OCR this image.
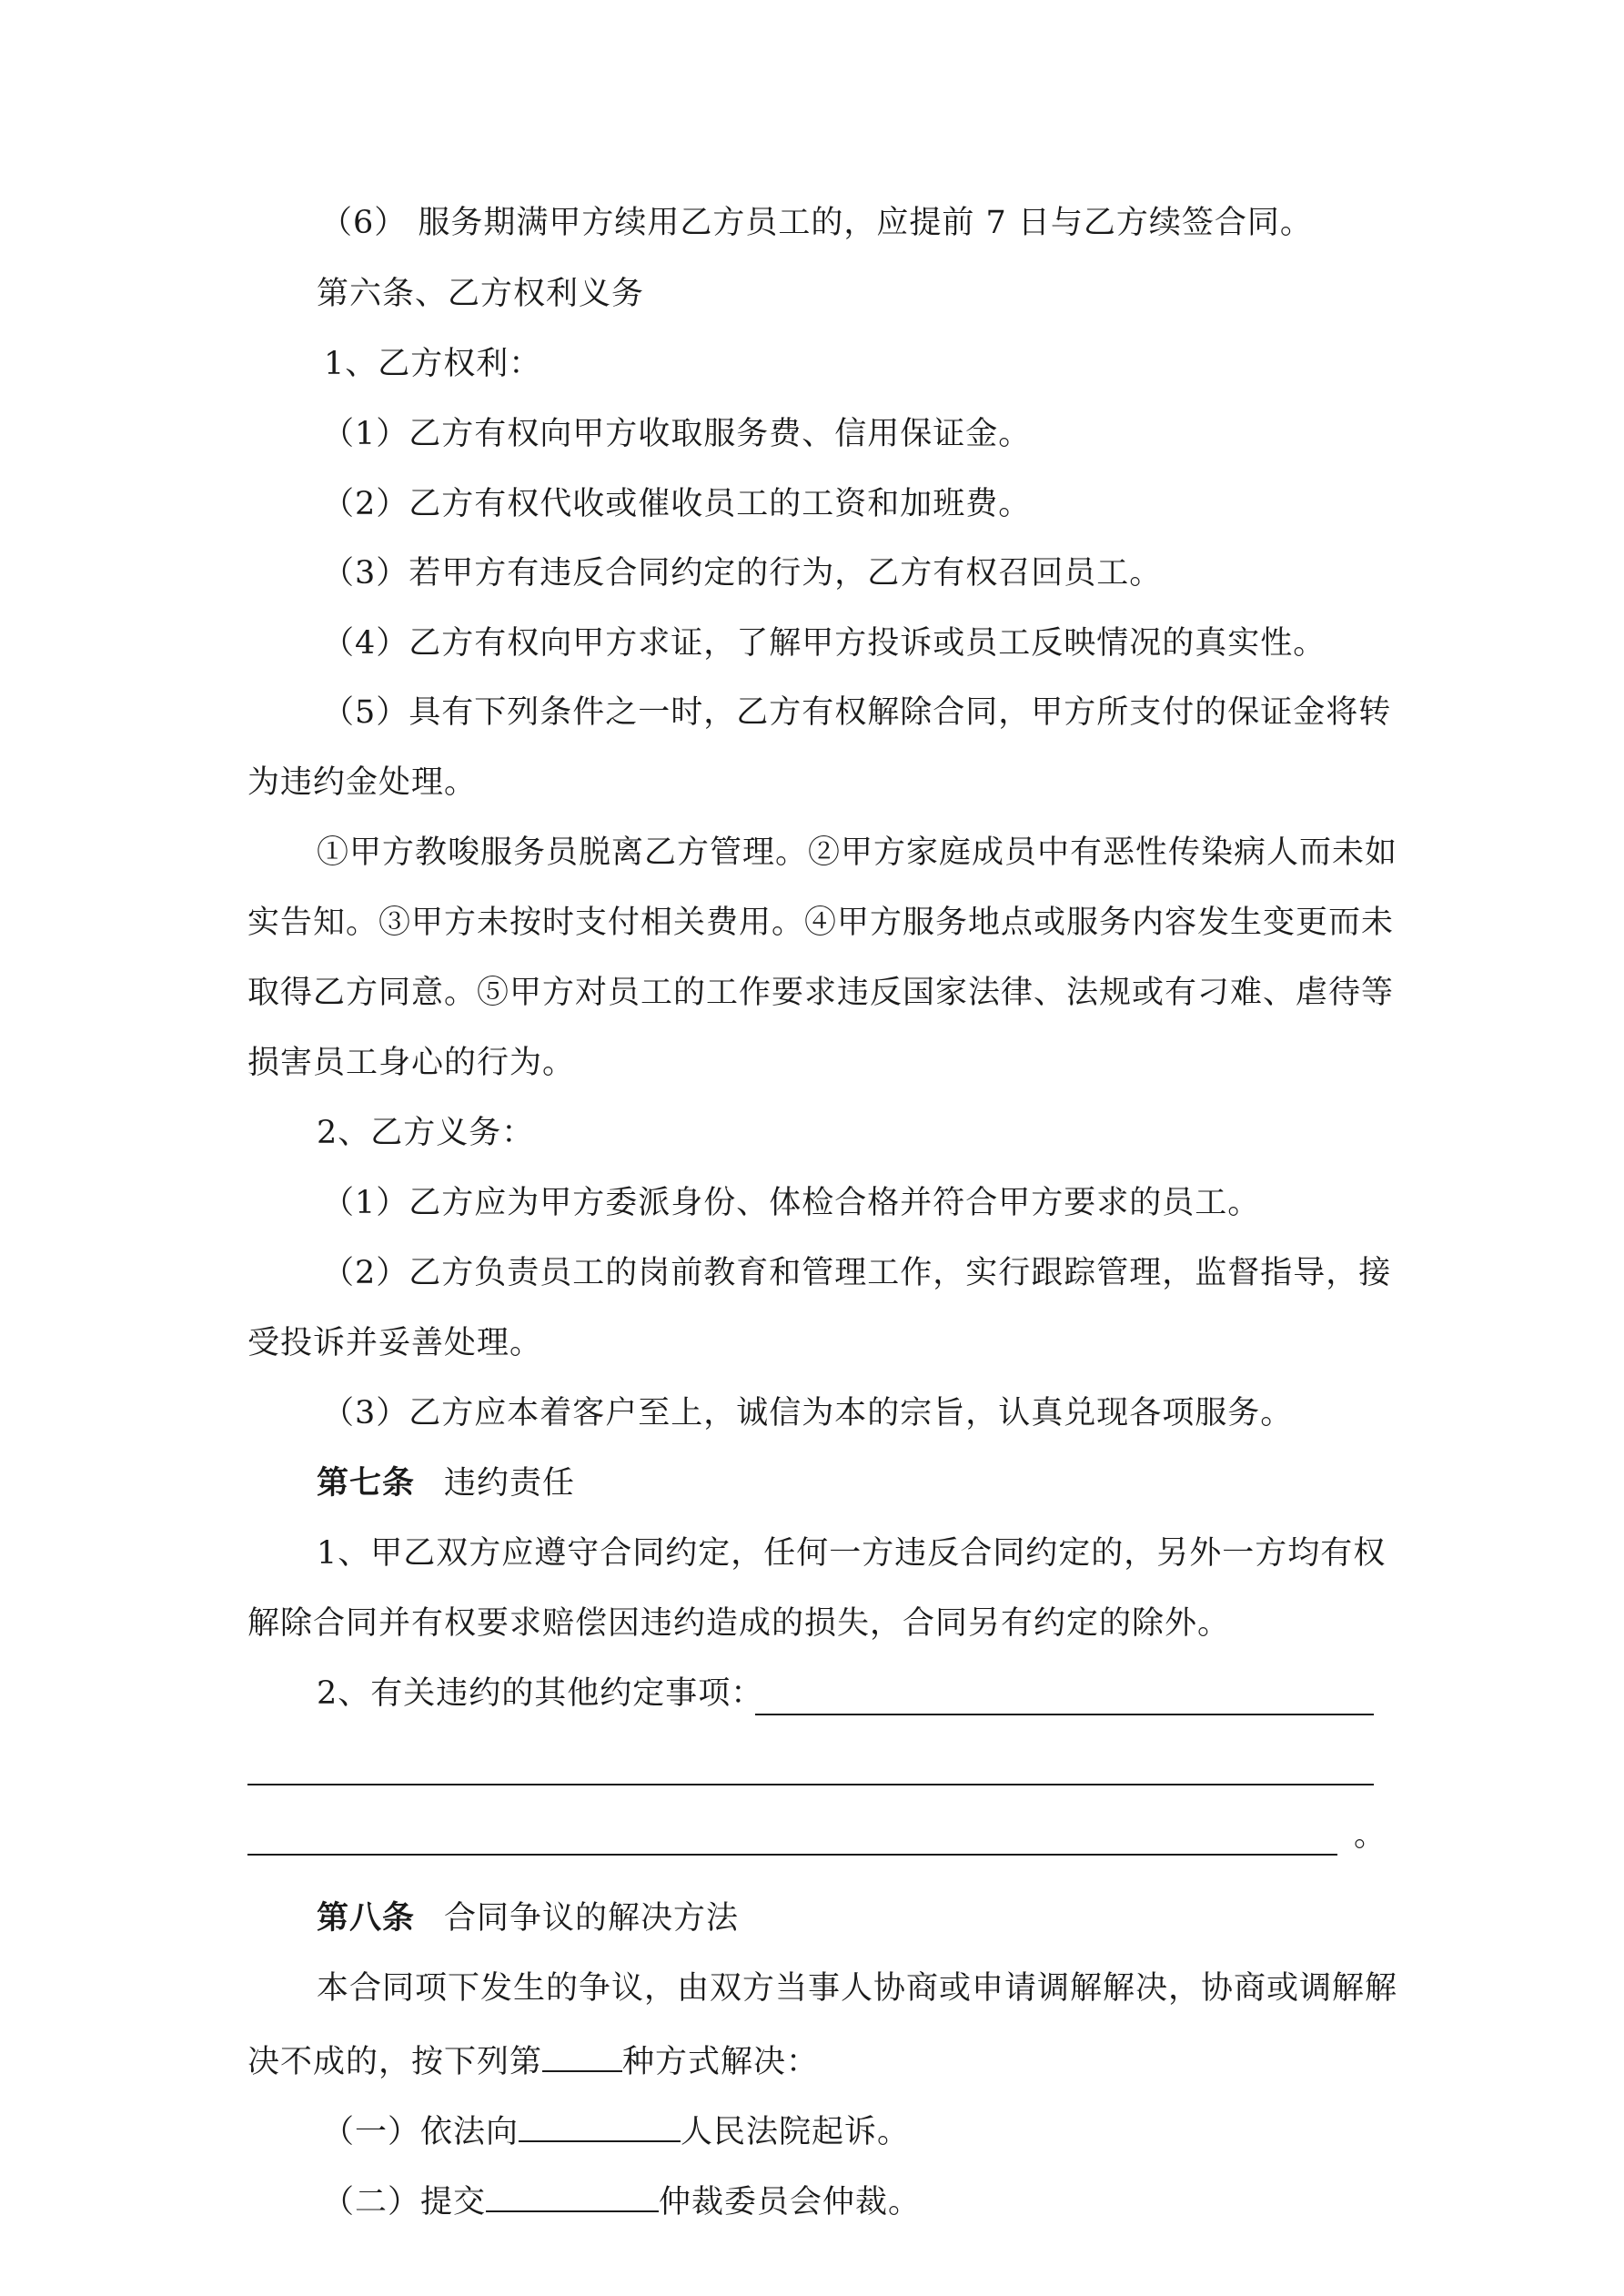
（6） 服务期满甲方续用乙方员工的，应提前 7 日与乙方续签合同。
第六条、乙方权利义务
1、乙方权利：
（1）乙方有权向甲方收取服务费、信用保证金。
（2）乙方有权代收或催收员工的工资和加班费。
（3）若甲方有违反合同约定的行为，乙方有权召回员工。
（4）乙方有权向甲方求证，了解甲方投诉或员工反映情况的真实性。
（5）具有下列条件之一时，乙方有权解除合同，甲方所支付的保证金将转
为违约金处理。
①甲方教唆服务员脱离乙方管理。②甲方家庭成员中有恶性传染病人而未如
实告知。③甲方未按时支付相关费用。④甲方服务地点或服务内容发生变更而未
取得乙方同意。⑤甲方对员工的工作要求违反国家法律、法规或有刁难、虐待等
损害员工身心的行为。
2、乙方义务：
（1）乙方应为甲方委派身份、体检合格并符合甲方要求的员工。
（2）乙方负责员工的岗前教育和管理工作，实行跟踪管理，监督指导，接
受投诉并妥善处理。
（3）乙方应本着客户至上，诚信为本的宗旨，认真兑现各项服务。
第七条 违约责任
1、甲乙双方应遵守合同约定，任何一方违反合同约定的，另外一方均有权
解除合同并有权要求赔偿因违约造成的损失，合同另有约定的除外。
2、有关违约的其他约定事项：
。
第八条 合同争议的解决方法
本合同项下发生的争议，由双方当事人协商或申请调解解决，协商或调解解
决不成的，按下列第	种方式解决：
（一）依法向	人民法院起诉。
（二）提交	仲裁委员会仲裁。
